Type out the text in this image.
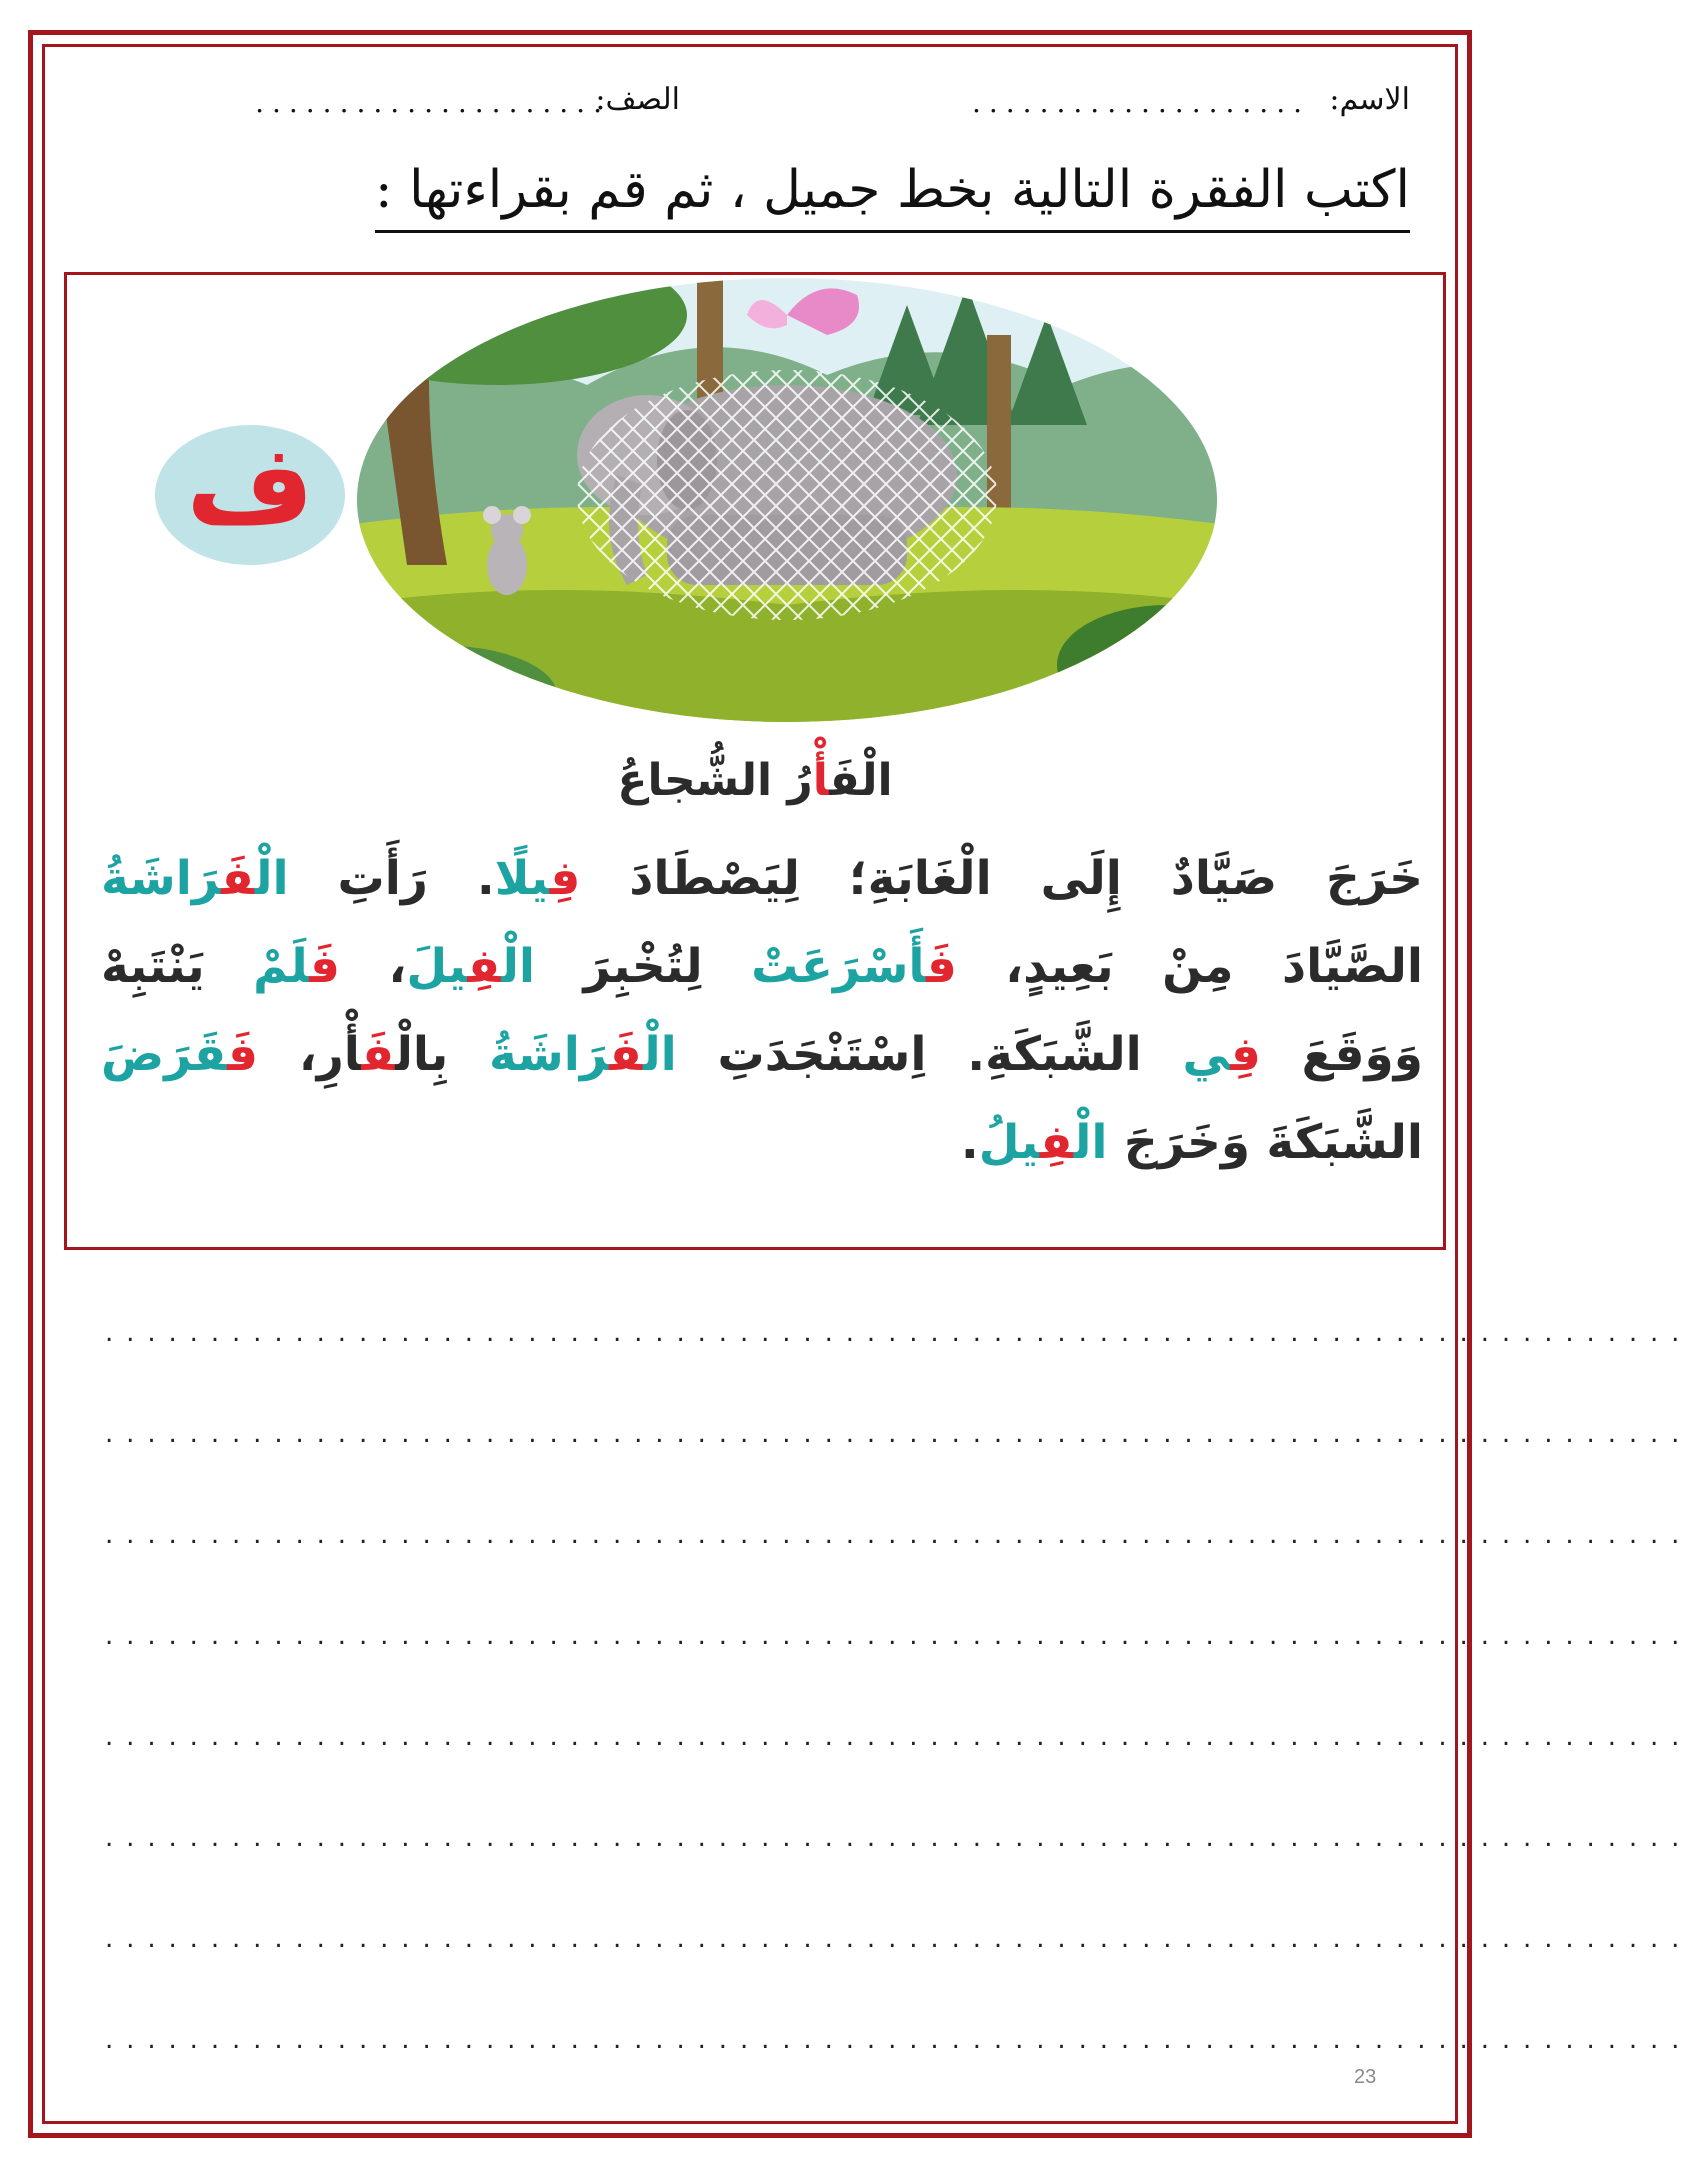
الاسم:
....................
الصف:
.....................
اكتب الفقرة التالية بخط جميل ، ثم قم بقراءتها :
ف
الْفَأْرُ الشُّجاعُ
خَرَجَ صَيَّادٌ إِلَى الْغَابَةِ؛ لِيَصْطَادَ فِيلًا. رَأَتِ الْفَرَاشَةُ
الصَّيَّادَ مِنْ بَعِيدٍ، فَأَسْرَعَتْ لِتُخْبِرَ الْفِيلَ، فَلَمْ يَنْتَبِهْ
وَوَقَعَ فِي الشَّبَكَةِ. اِسْتَنْجَدَتِ الْفَرَاشَةُ بِالْفَأْرِ، فَقَرَضَ
الشَّبَكَةَ وَخَرَجَ الْفِيلُ.
...........................................................................
...........................................................................
...........................................................................
...........................................................................
...........................................................................
...........................................................................
...........................................................................
...........................................................................
23
